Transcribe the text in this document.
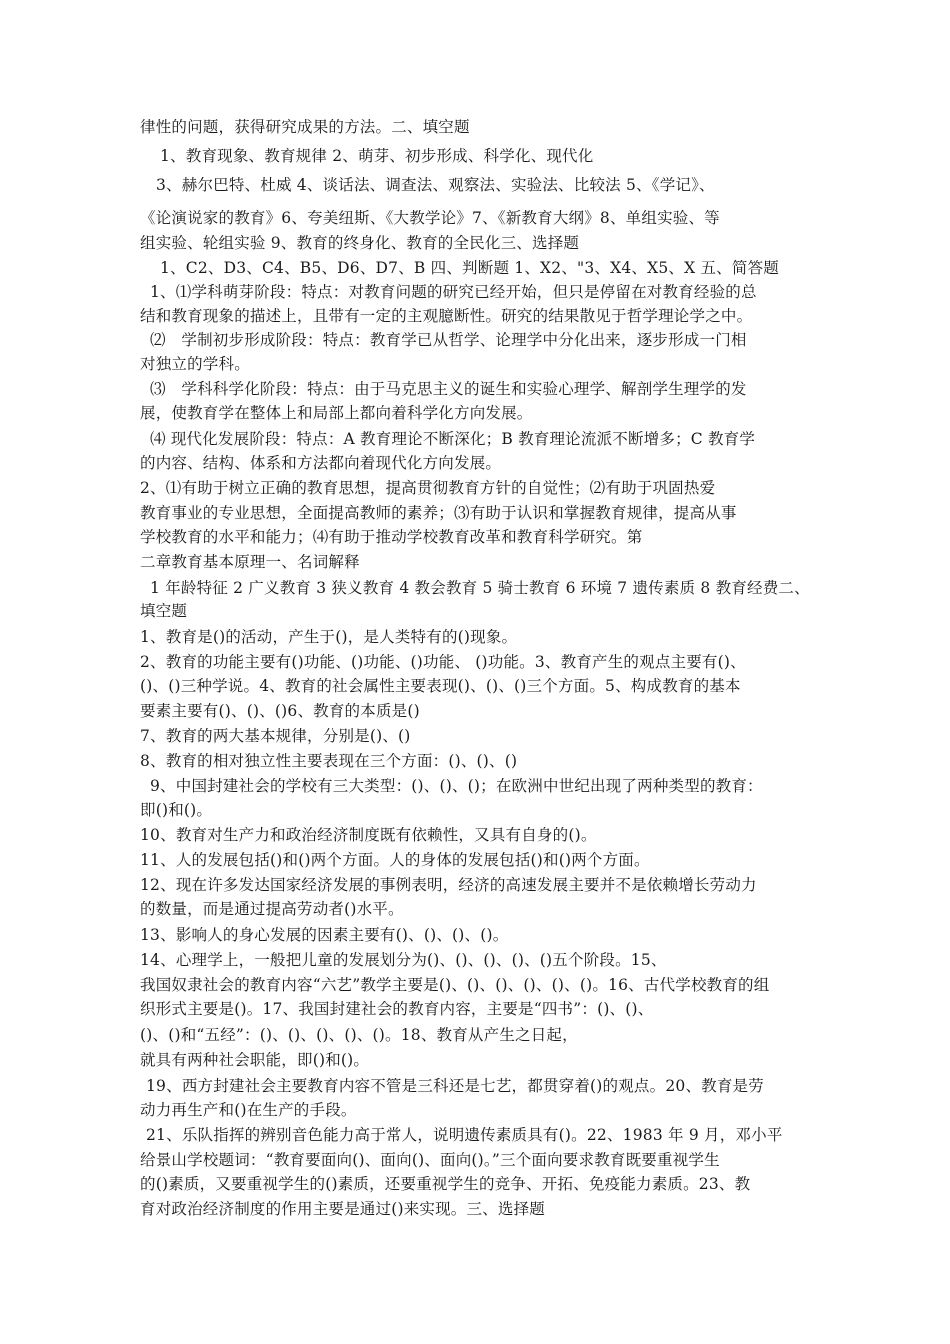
律性的问题，获得研究成果的方法。二、填空题
1、教育现象、教育规律 2、萌芽、初步形成、科学化、现代化
3、赫尔巴特、杜威 4、谈话法、调查法、观察法、实验法、比较法 5、《学记》、
《论演说家的教育》6、夸美纽斯、《大教学论》7、《新教育大纲》8、单组实验、等
组实验、轮组实验 9、教育的终身化、教育的全民化三、选择题
1、C2、D3、C4、B5、D6、D7、B 四、判断题 1、X2、"3、X4、X5、X 五、简答题
1、⑴学科萌芽阶段：特点：对教育问题的研究已经开始，但只是停留在对教育经验的总
结和教育现象的描述上，且带有一定的主观臆断性。研究的结果散见于哲学理论学之中。
⑵　学制初步形成阶段：特点：教育学已从哲学、论理学中分化出来，逐步形成一门相
对独立的学科。
⑶　学科科学化阶段：特点：由于马克思主义的诞生和实验心理学、解剖学生理学的发
展，使教育学在整体上和局部上都向着科学化方向发展。
⑷ 现代化发展阶段：特点：A 教育理论不断深化；B 教育理论流派不断增多；C 教育学
的内容、结构、体系和方法都向着现代化方向发展。
2、⑴有助于树立正确的教育思想，提高贯彻教育方针的自觉性；⑵有助于巩固热爱
教育事业的专业思想，全面提高教师的素养；⑶有助于认识和掌握教育规律，提高从事
学校教育的水平和能力；⑷有助于推动学校教育改革和教育科学研究。第
二章教育基本原理一、名词解释
1 年龄特征 2 广义教育 3 狭义教育 4 教会教育 5 骑士教育 6 环境 7 遗传素质 8 教育经费二、
填空题
1、教育是()的活动，产生于()，是人类特有的()现象。
2、教育的功能主要有()功能、()功能、()功能、 ()功能。3、教育产生的观点主要有()、
()、()三种学说。4、教育的社会属性主要表现()、()、()三个方面。5、构成教育的基本
要素主要有()、()、()6、教育的本质是()
7、教育的两大基本规律，分别是()、()
8、教育的相对独立性主要表现在三个方面：()、()、()
9、中国封建社会的学校有三大类型：()、()、()；在欧洲中世纪出现了两种类型的教育：
即()和()。
10、教育对生产力和政治经济制度既有依赖性，又具有自身的()。
11、人的发展包括()和()两个方面。人的身体的发展包括()和()两个方面。
12、现在许多发达国家经济发展的事例表明，经济的高速发展主要并不是依赖增长劳动力
的数量，而是通过提高劳动者()水平。
13、影响人的身心发展的因素主要有()、()、()、()。
14、心理学上，一般把儿童的发展划分为()、()、()、()、()五个阶段。15、
我国奴隶社会的教育内容“六艺”教学主要是()、()、()、()、()、()。16、古代学校教育的组
织形式主要是()。17、我国封建社会的教育内容，主要是“四书”：()、()、
()、()和“五经”：()、()、()、()、()。18、教育从产生之日起，
就具有两种社会职能，即()和()。
19、西方封建社会主要教育内容不管是三科还是七艺，都贯穿着()的观点。20、教育是劳
动力再生产和()在生产的手段。
21、乐队指挥的辨别音色能力高于常人，说明遗传素质具有()。22、1983 年 9 月，邓小平
给景山学校题词：“教育要面向()、面向()、面向()。”三个面向要求教育既要重视学生
的()素质，又要重视学生的()素质，还要重视学生的竞争、开拓、免疫能力素质。23、教
育对政治经济制度的作用主要是通过()来实现。三、选择题
